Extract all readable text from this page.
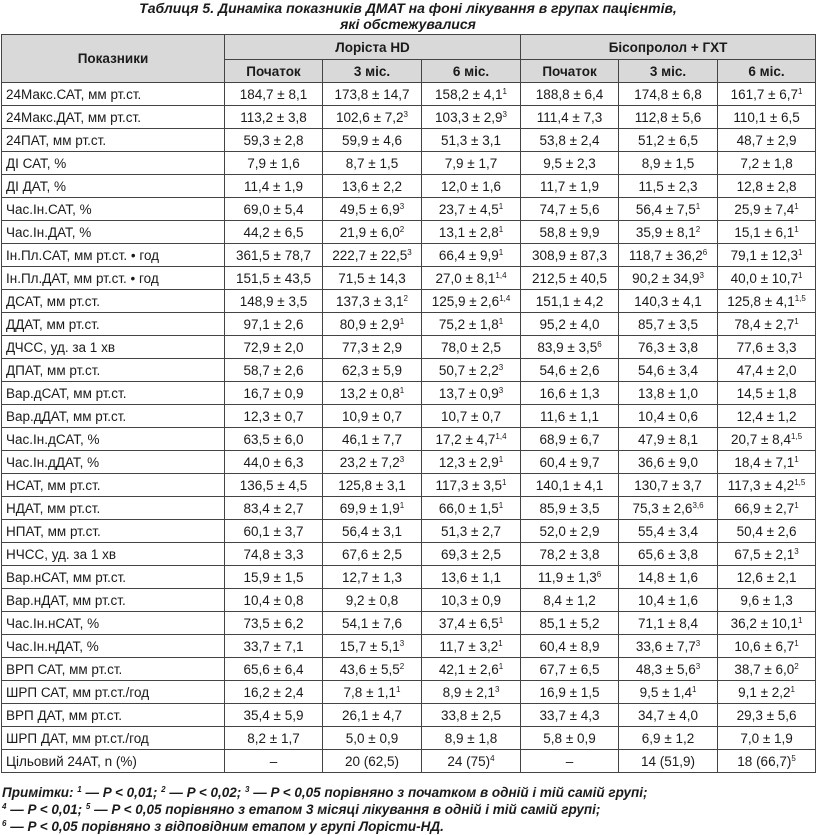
Таблиця 5. Динаміка показників ДМАТ на фоні лікування в групах пацієнтів,
які обстежувалися
Показники	Лорістa HD			Бісопролол + ГХТ		
	Початок	3 міс.	6 міс.	Початок	3 міс.	6 міс.
24Макс.САТ, мм рт.ст.	184,7 ± 8,1	173,8 ± 14,7	$158,2 \pm 4,1^1$	188,8 ± 6,4	174,8 ± 6,8	$161,7 \pm 6,7^1$
24Макс.ДАТ, мм рт.ст.	113,2 ± 3,8	$102,6 \pm 7,2^3$	$103,3 \pm 2,9^3$	111,4 ± 7,3	112,8 ± 5,6	110,1 ± 6,5
24ПАТ, мм рт.ст.	59,3 ± 2,8	59,9 ± 4,6	51,3 ± 3,1	53,8 ± 2,4	51,2 ± 6,5	48,7 ± 2,9
ДІ САТ, %	7,9 ± 1,6	8,7 ± 1,5	7,9 ± 1,7	9,5 ± 2,3	8,9 ± 1,5	7,2 ± 1,8
ДІ ДАТ, %	11,4 ± 1,9	13,6 ± 2,2	12,0 ± 1,6	11,7 ± 1,9	11,5 ± 2,3	12,8 ± 2,8
Час.Ін.САТ, %	69,0 ± 5,4	$49,5 \pm 6,9^3$	$23,7 \pm 4,5^1$	74,7 ± 5,6	$56,4 \pm 7,5^1$	$25,9 \pm 7,4^1$
Час.Ін.ДАТ, %	44,2 ± 6,5	$21,9 \pm 6,0^2$	$13,1 \pm 2,8^1$	58,8 ± 9,9	$35,9 \pm 8,1^2$	$15,1 \pm 6,1^1$
Ін.Пл.САТ, мм рт.ст. • год	361,5 ± 78,7	$222,7 \pm 22,5^3$	$66,4 \pm 9,9^1$	308,9 ± 87,3	$118,7 \pm 36,2^6$	$79,1 \pm 12,3^1$
Ін.Пл.ДАТ, мм рт.ст. • год	151,5 ± 43,5	71,5 ± 14,3	$27,0 \pm 8,1^{1,4}$	212,5 ± 40,5	$90,2 \pm 34,9^3$	$40,0 \pm 10,7^1$
ДСАТ, мм рт.ст.	148,9 ± 3,5	$137,3 \pm 3,1^2$	$125,9 \pm 2,6^{1,4}$	151,1 ± 4,2	140,3 ± 4,1	$125,8 \pm 4,1^{1,5}$
ДДАТ, мм рт.ст.	97,1 ± 2,6	$80,9 \pm 2,9^1$	$75,2 \pm 1,8^1$	95,2 ± 4,0	85,7 ± 3,5	$78,4 \pm 2,7^1$
ДЧСС, уд. за 1 хв	72,9 ± 2,0	77,3 ± 2,9	78,0 ± 2,5	$83,9 \pm 3,5^6$	76,3 ± 3,8	77,6 ± 3,3
ДПАТ, мм рт.ст.	58,7 ± 2,6	62,3 ± 5,9	$50,7 \pm 2,2^3$	54,6 ± 2,6	54,6 ± 3,4	47,4 ± 2,0
Вар.дСАТ, мм рт.ст.	16,7 ± 0,9	$13,2 \pm 0,8^1$	$13,7 \pm 0,9^3$	16,6 ± 1,3	13,8 ± 1,0	14,5 ± 1,8
Вар.дДАТ, мм рт.ст.	12,3 ± 0,7	10,9 ± 0,7	10,7 ± 0,7	11,6 ± 1,1	10,4 ± 0,6	12,4 ± 1,2
Час.Ін.дСАТ, %	63,5 ± 6,0	46,1 ± 7,7	$17,2 \pm 4,7^{1,4}$	68,9 ± 6,7	47,9 ± 8,1	$20,7 \pm 8,4^{1,5}$
Час.Ін.дДАТ, %	44,0 ± 6,3	$23,2 \pm 7,2^3$	$12,3 \pm 2,9^1$	60,4 ± 9,7	36,6 ± 9,0	$18,4 \pm 7,1^1$
НСАТ, мм рт.ст.	136,5 ± 4,5	125,8 ± 3,1	$117,3 \pm 3,5^1$	140,1 ± 4,1	130,7 ± 3,7	$117,3 \pm 4,2^{1,5}$
НДАТ, мм рт.ст.	83,4 ± 2,7	$69,9 \pm 1,9^1$	$66,0 \pm 1,5^1$	85,9 ± 3,5	$75,3 \pm 2,6^{3,6}$	$66,9 \pm 2,7^1$
НПАТ, мм рт.ст.	60,1 ± 3,7	56,4 ± 3,1	51,3 ± 2,7	52,0 ± 2,9	55,4 ± 3,4	50,4 ± 2,6
НЧСС, уд. за 1 хв	74,8 ± 3,3	67,6 ± 2,5	69,3 ± 2,5	78,2 ± 3,8	65,6 ± 3,8	$67,5 \pm 2,1^3$
Вар.нСАТ, мм рт.ст.	15,9 ± 1,5	12,7 ± 1,3	13,6 ± 1,1	$11,9 \pm 1,3^6$	14,8 ± 1,6	12,6 ± 2,1
Вар.нДАТ, мм рт.ст.	10,4 ± 0,8	9,2 ± 0,8	10,3 ± 0,9	8,4 ± 1,2	10,4 ± 1,6	9,6 ± 1,3
Час.Ін.нСАТ, %	73,5 ± 6,2	54,1 ± 7,6	$37,4 \pm 6,5^1$	85,1 ± 5,2	71,1 ± 8,4	$36,2 \pm 10,1^1$
Час.Ін.нДАТ, %	33,7 ± 7,1	$15,7 \pm 5,1^3$	$11,7 \pm 3,2^1$	60,4 ± 8,9	$33,6 \pm 7,7^3$	$10,6 \pm 6,7^1$
ВРП САТ, мм рт.ст.	65,6 ± 6,4	$43,6 \pm 5,5^2$	$42,1 \pm 2,6^1$	67,7 ± 6,5	$48,3 \pm 5,6^3$	$38,7 \pm 6,0^2$
ШРП САТ, мм рт.ст./год	16,2 ± 2,4	$7,8 \pm 1,1^1$	$8,9 \pm 2,1^3$	16,9 ± 1,5	$9,5 \pm 1,4^1$	$9,1 \pm 2,2^1$
ВРП ДАТ, мм рт.ст.	35,4 ± 5,9	26,1 ± 4,7	33,8 ± 2,5	33,7 ± 4,3	34,7 ± 4,0	29,3 ± 5,6
ШРП ДАТ, мм рт.ст./год	8,2 ± 1,7	5,0 ± 0,9	8,9 ± 1,8	5,8 ± 0,9	6,9 ± 1,2	7,0 ± 1,9
Цільовий 24АТ, n (%)	–	20 (62,5)	24 $(75)^4$	–	14 (51,9)	18 $(66,7)^5$
Примітки: $^1$ — P < 0,01; $^2$ — P < 0,02; $^3$ — P < 0,05 порівняно з початком в одній і тій самій групі;
$^4$ — P < 0,01; $^5$ — P < 0,05 порівняно з етапом 3 місяці лікування в одній і тій самій групі;
$^6$ — P < 0,05 порівняно з відповідним етапом у групі Лорісти-НД.
